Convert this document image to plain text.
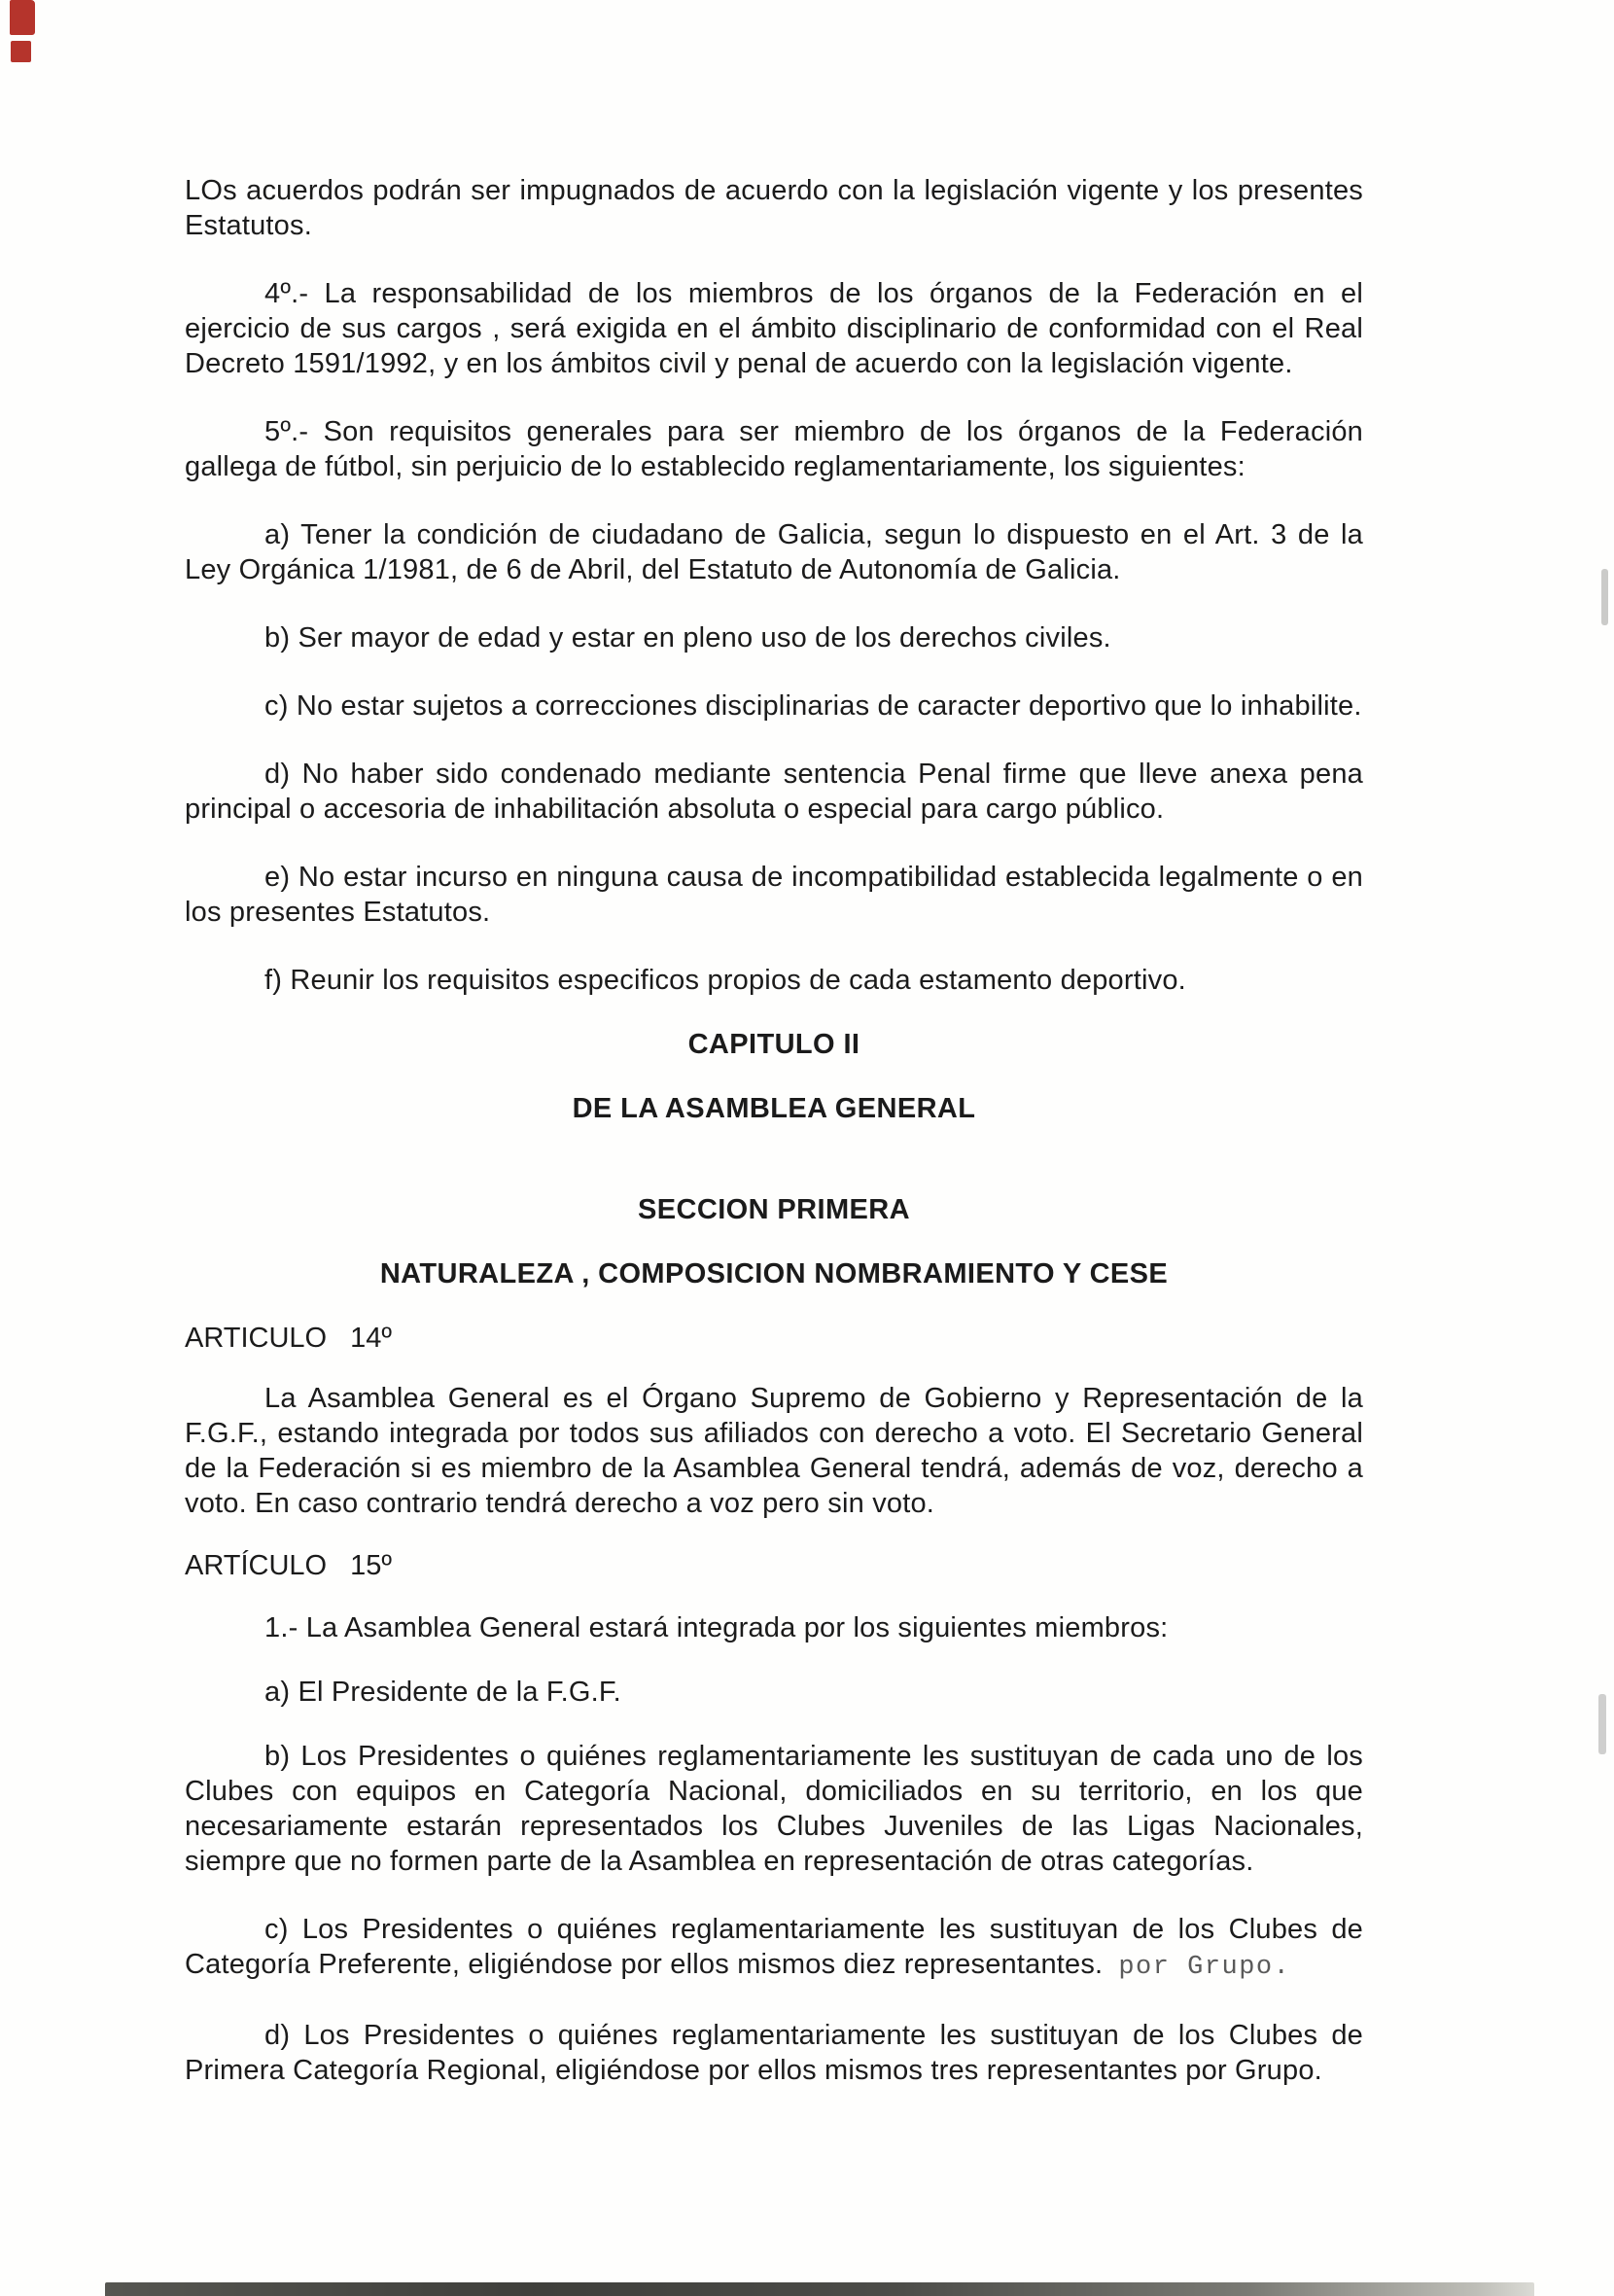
LOs acuerdos podrán ser impugnados de acuerdo con la legislación vigente y los presentes Estatutos.

4º.- La responsabilidad de los miembros de los órganos de la Federación en el ejercicio de sus cargos , será exigida en el ámbito disciplinario de conformidad con el Real Decreto 1591/1992, y en los ámbitos civil y penal de acuerdo con la legislación vigente.

5º.- Son requisitos generales para ser miembro de los órganos de la Federación gallega de fútbol, sin perjuicio de lo establecido reglamentariamente, los siguientes:

a) Tener la condición de ciudadano de Galicia, segun lo dispuesto en el Art. 3 de la Ley Orgánica 1/1981, de 6 de Abril, del Estatuto de Autonomía de Galicia.

b) Ser mayor de edad y estar en pleno uso de los derechos civiles.

c) No estar sujetos a correcciones disciplinarias de caracter deportivo que lo inhabilite.

d) No haber sido condenado mediante sentencia Penal firme que lleve anexa pena principal o accesoria de inhabilitación absoluta o especial para cargo público.

e) No estar incurso en ninguna causa de incompatibilidad establecida legalmente o en los presentes Estatutos.

f) Reunir los requisitos especificos propios de cada estamento deportivo.

CAPITULO II
DE LA ASAMBLEA GENERAL
SECCION PRIMERA
NATURALEZA , COMPOSICION NOMBRAMIENTO Y CESE
ARTICULO 14º

La Asamblea General es el Órgano Supremo de Gobierno y Representación de la F.G.F., estando integrada por todos sus afiliados con derecho a voto. El Secretario General de la Federación si es miembro de la Asamblea General tendrá, además de voz, derecho a voto. En caso contrario tendrá derecho a voz pero sin voto.

ARTÍCULO 15º

1.- La Asamblea General estará integrada por los siguientes miembros:

a) El Presidente de la F.G.F.

b) Los Presidentes o quiénes reglamentariamente les sustituyan de cada uno de los Clubes con equipos en Categoría Nacional, domiciliados en su territorio, en los que necesariamente estarán representados los Clubes Juveniles de las Ligas Nacionales, siempre que no formen parte de la Asamblea en representación de otras categorías.

c) Los Presidentes o quiénes reglamentariamente les sustituyan de los Clubes de Categoría Preferente, eligiéndose por ellos mismos diez representantes. por Grupo.

d) Los Presidentes o quiénes reglamentariamente les sustituyan de los Clubes de Primera Categoría Regional, eligiéndose por ellos mismos tres representantes por Grupo.
